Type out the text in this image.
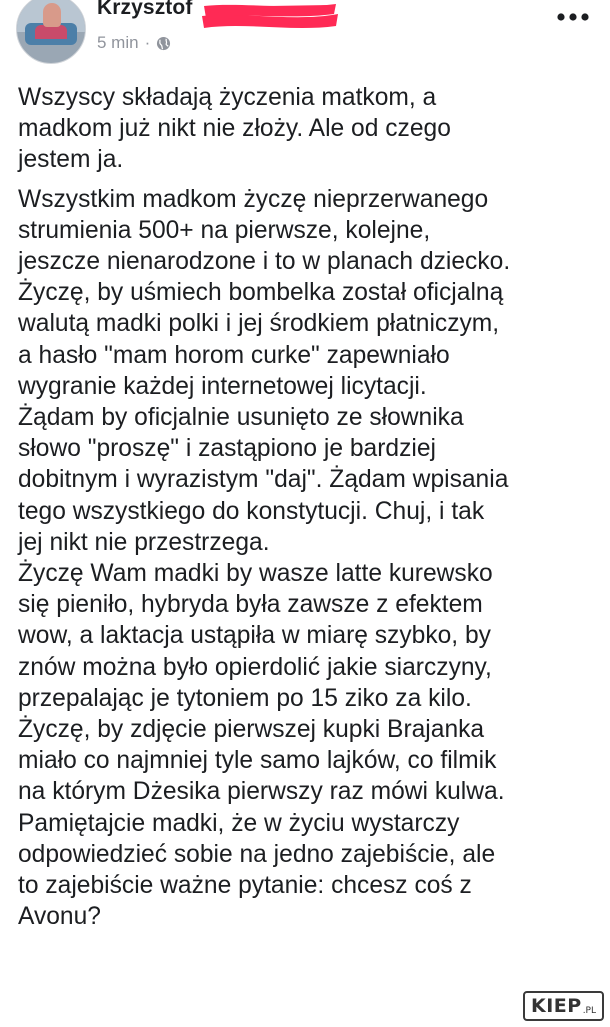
Krzysztof
5 min ·

Wszyscy składają życzenia matkom, a
madkom już nikt nie złoży. Ale od czego
jestem ja.

Wszystkim madkom życzę nieprzerwanego
strumienia 500+ na pierwsze, kolejne,
jeszcze nienarodzone i to w planach dziecko.
Życzę, by uśmiech bombelka został oficjalną
walutą madki polki i jej środkiem płatniczym,
a hasło "mam horom curke" zapewniało
wygranie każdej internetowej licytacji.
Żądam by oficjalnie usunięto ze słownika
słowo "proszę" i zastąpiono je bardziej
dobitnym i wyrazistym "daj". Żądam wpisania
tego wszystkiego do konstytucji. Chuj, i tak
jej nikt nie przestrzega.
Życzę Wam madki by wasze latte kurewsko
się pieniło, hybryda była zawsze z efektem
wow, a laktacja ustąpiła w miarę szybko, by
znów można było opierdolić jakie siarczyny,
przepalając je tytoniem po 15 ziko za kilo.
Życzę, by zdjęcie pierwszej kupki Brajanka
miało co najmniej tyle samo lajków, co filmik
na którym Dżesika pierwszy raz mówi kulwa.
Pamiętajcie madki, że w życiu wystarczy
odpowiedzieć sobie na jedno zajebiście, ale
to zajebiście ważne pytanie: chcesz coś z
Avonu?

KIEP .PL
